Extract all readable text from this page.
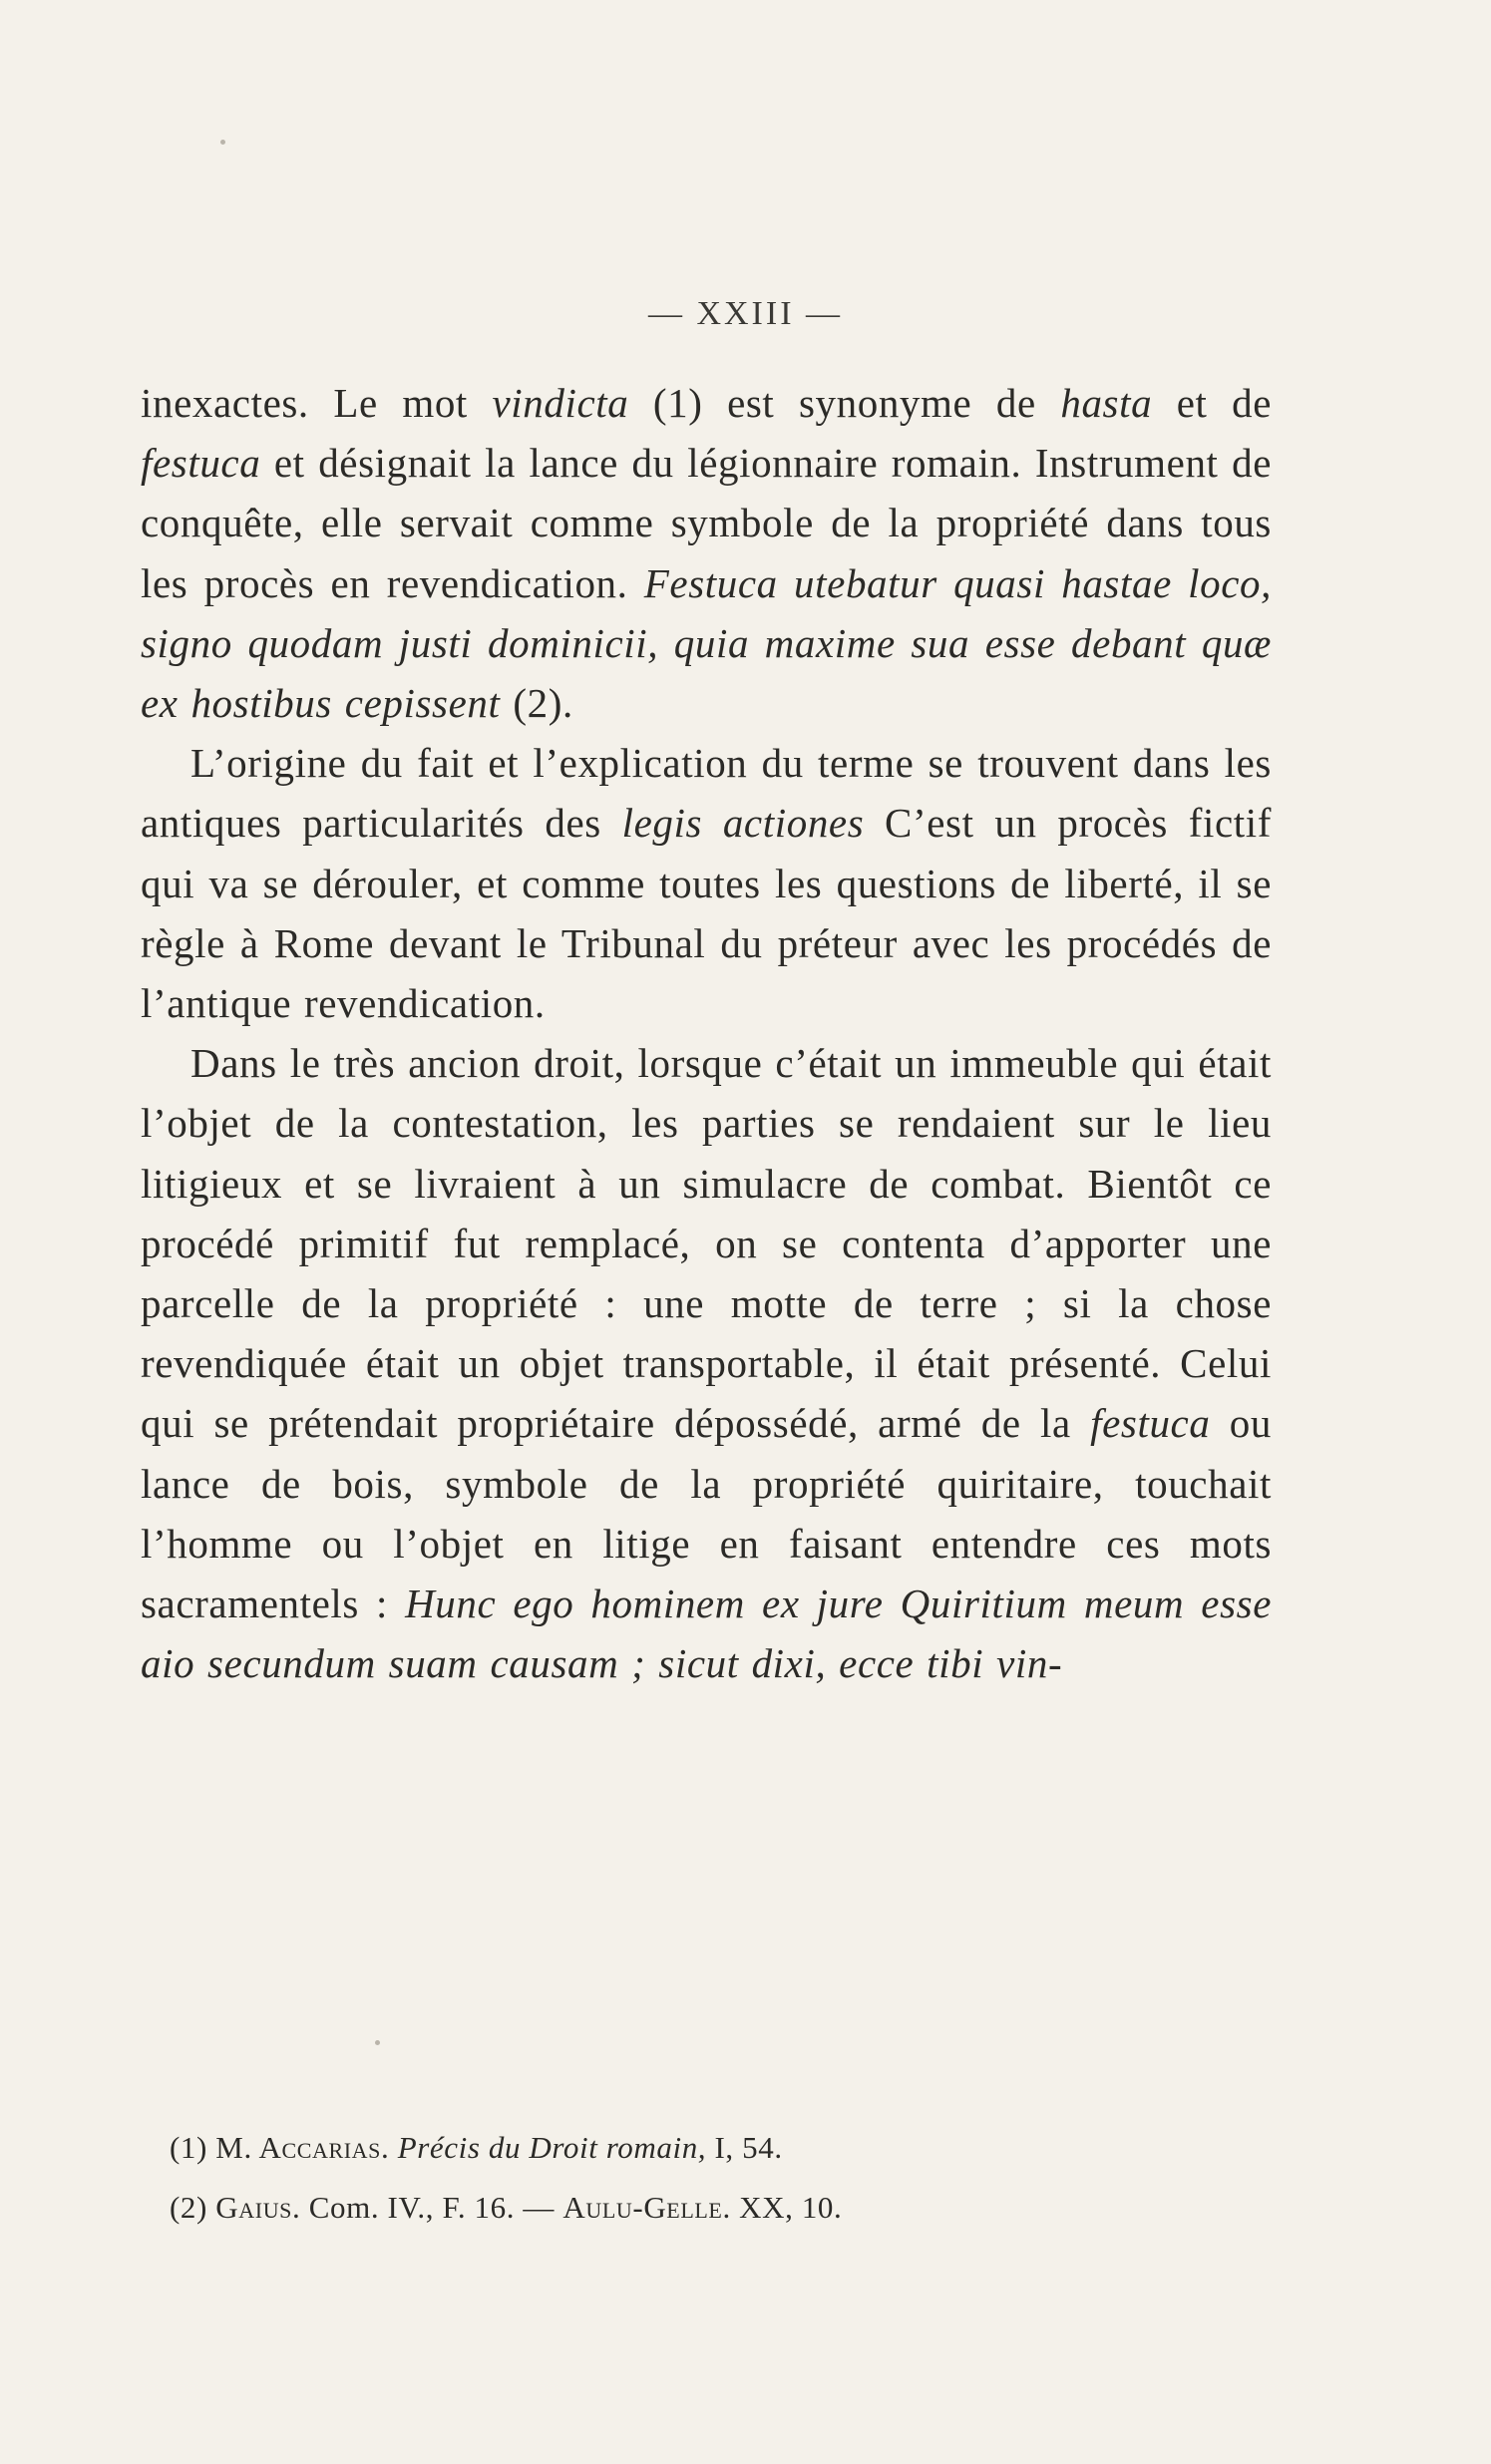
— XXIII —

inexactes. Le mot vindicta (1) est synonyme de hasta et de festuca et désignait la lance du légionnaire romain. Instrument de conquête, elle servait comme symbole de la propriété dans tous les procès en revendication. Festuca utebatur quasi hastae loco, signo quodam justi dominicii, quia maxime sua esse debant quæ ex hostibus cepissent (2).

L’origine du fait et l’explication du terme se trouvent dans les antiques particularités des legis actiones C’est un procès fictif qui va se dérouler, et comme toutes les questions de liberté, il se règle à Rome devant le Tribunal du préteur avec les procédés de l’antique revendication.

Dans le très ancion droit, lorsque c’était un immeuble qui était l’objet de la contestation, les parties se rendaient sur le lieu litigieux et se livraient à un simulacre de combat. Bientôt ce procédé primitif fut remplacé, on se contenta d’apporter une parcelle de la propriété : une motte de terre ; si la chose revendiquée était un objet transportable, il était présenté. Celui qui se prétendait propriétaire dépossédé, armé de la festuca ou lance de bois, symbole de la propriété quiritaire, touchait l’homme ou l’objet en litige en faisant entendre ces mots sacramentels : Hunc ego hominem ex jure Quiritium meum esse aio secundum suam causam ; sicut dixi, ecce tibi vin-

(1) M. Accarias. Précis du Droit romain, I, 54.

(2) Gaius. Com. IV., F. 16. — Aulu-Gelle. XX, 10.
